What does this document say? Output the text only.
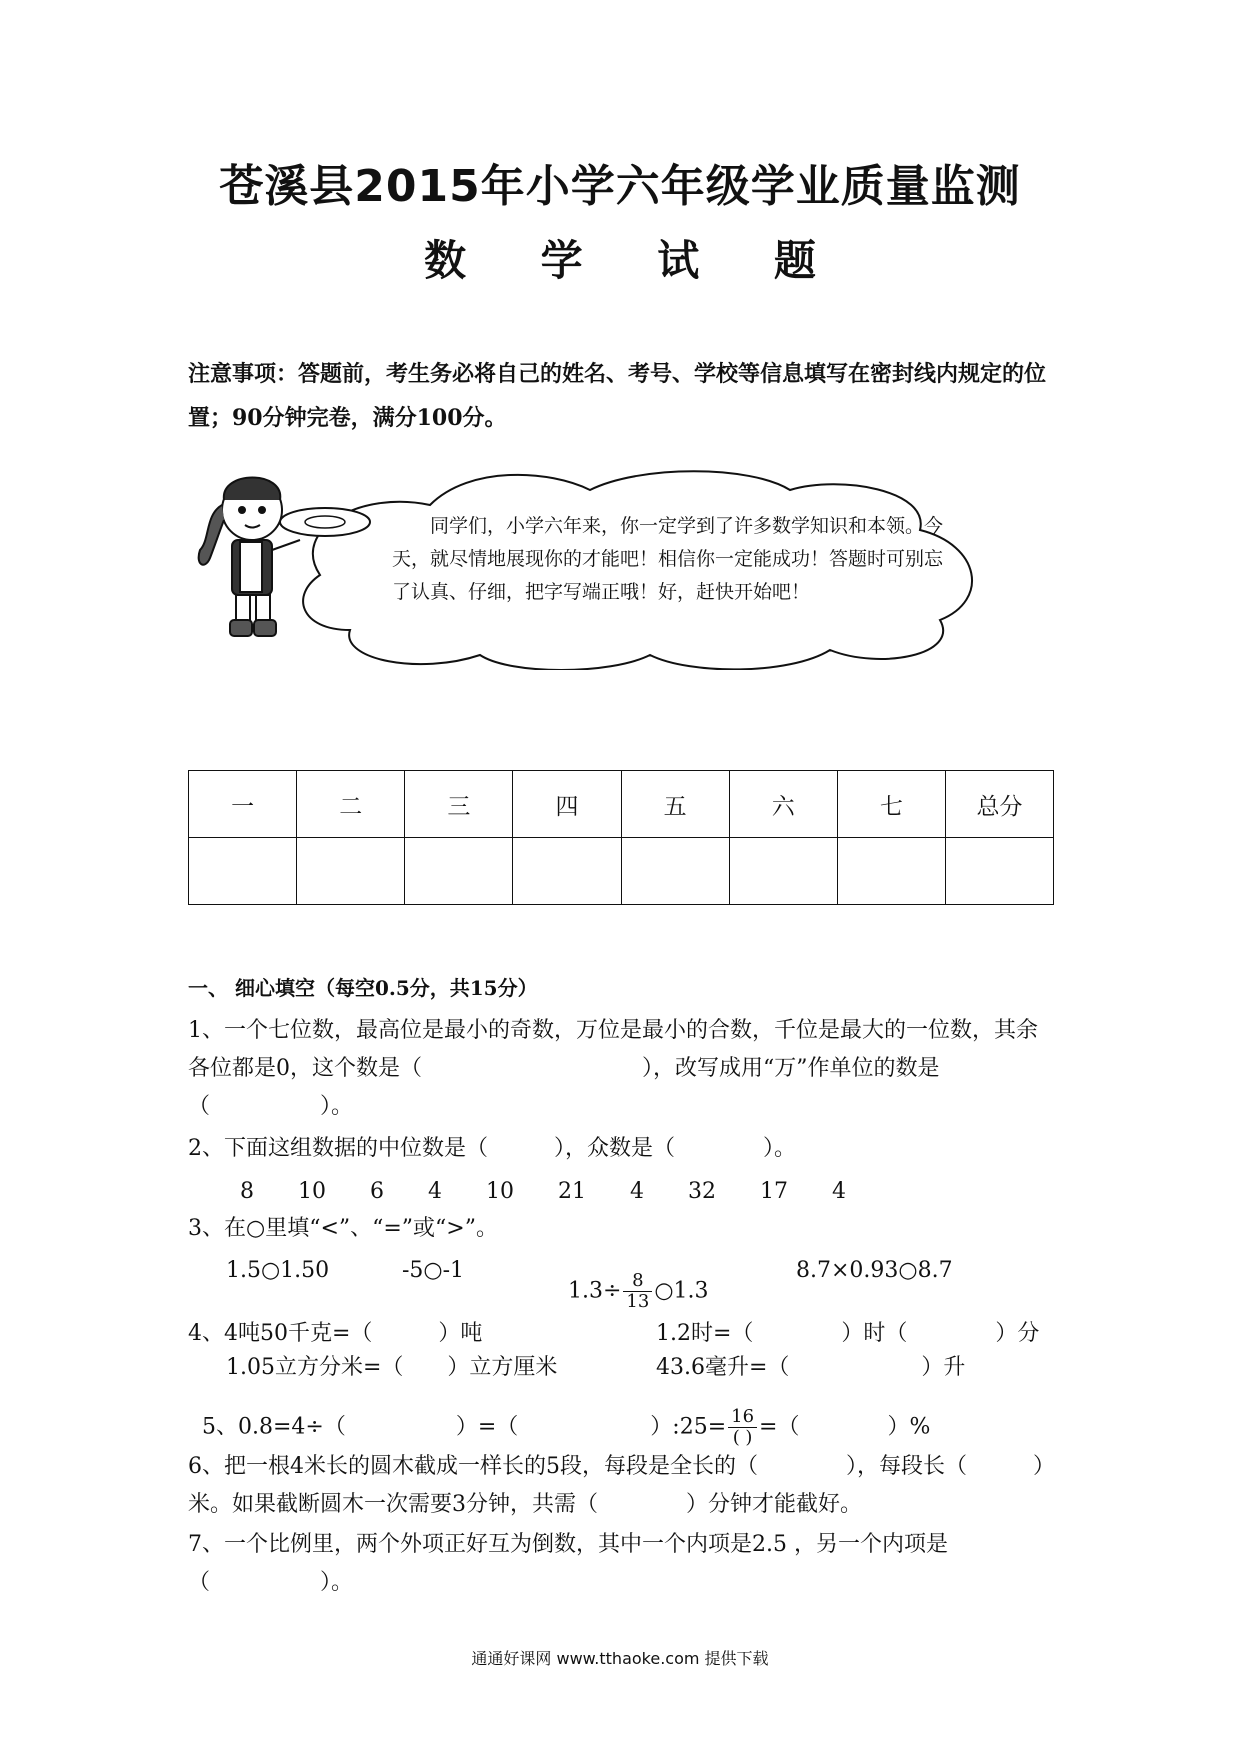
苍溪县2015年小学六年级学业质量监测
数 学 试 题
注意事项：答题前，考生务必将自己的姓名、考号、学校等信息填写在密封线内规定的位置；90分钟完卷，满分100分。
同学们，小学六年来，你一定学到了许多数学知识和本领。今天，就尽情地展现你的才能吧！相信你一定能成功！答题时可别忘了认真、仔细，把字写端正哦！好，赶快开始吧！
一	二	三	四	五	六	七	总分

一、 细心填空（每空0.5分，共15分）
1、一个七位数，最高位是最小的奇数，万位是最小的合数，千位是最大的一位数，其余各位都是0，这个数是（　　　　　　　　　　），改写成用“万”作单位的数是（　　　　　）。
2、下面这组数据的中位数是（　　　），众数是（　　　　）。
8　　10　　6　　4　　10　　21　　4　　32　　17　　4
3、在○里填“<”、“=”或“>”。
1.5○1.50	-5○-1

$1.3\div \frac{8}{13}$ ○1.3

8.7×0.93○8.7
4、4吨50千克=（　　　）吨	1.2时=（　　　　）时（　　　　）分
1.05立方分米=（　　）立方厘米	43.6毫升=（　　　　　　）升

5、0.8=4÷（　　　　　）=（　　　　　　）:25= $\frac{16}{( )}$ =（　　　　）%

6、把一根4米长的圆木截成一样长的5段，每段是全长的（　　　　），每段长（　　　）米。如果截断圆木一次需要3分钟，共需（　　　　）分钟才能截好。
7、一个比例里，两个外项正好互为倒数，其中一个内项是2.5 ，另一个内项是（　　　　　）。
通通好课网 www.tthaoke.com 提供下载
